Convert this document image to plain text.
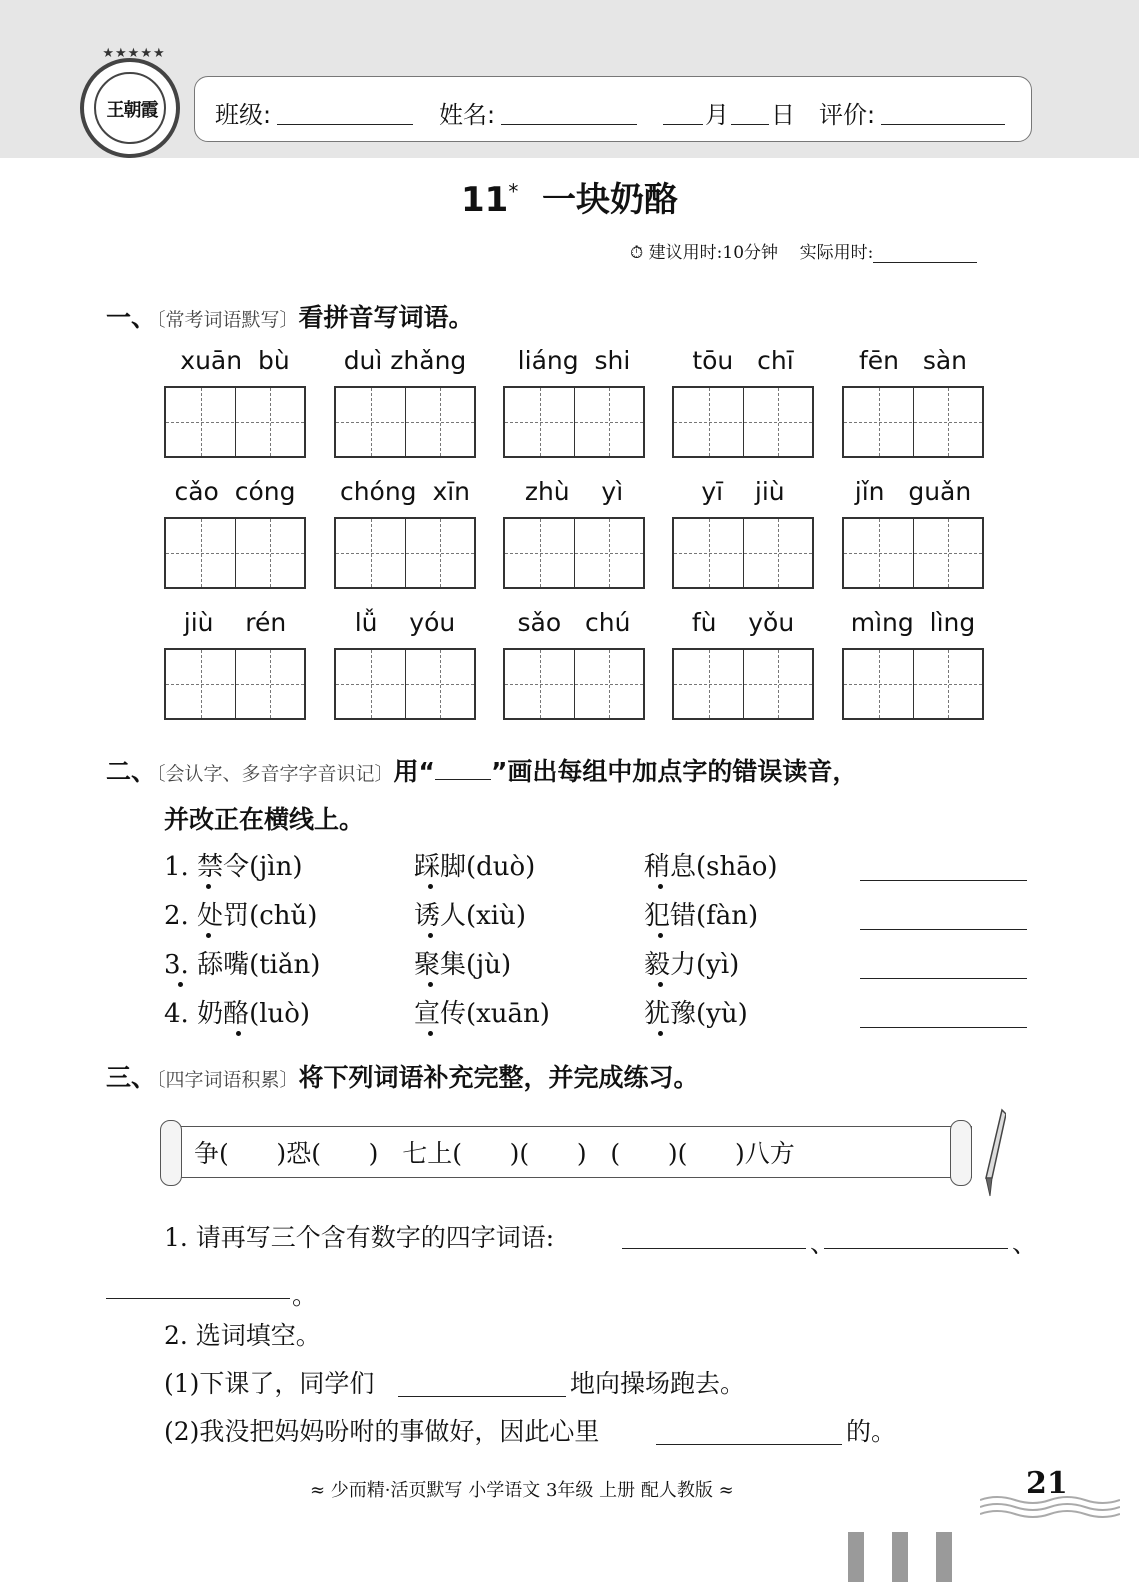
★★★★★
王朝霞	班级:	姓名:	月 日 评价:
11* 一块奶酪
⏱ 建议用时:10分钟 实际用时:
一、〔常考词语默写〕看拼音写词语。
xuān  bù	duì zhǎng	liáng  shi	tōu   chī	fēn   sàn
cǎo  cóng	chóng  xīn	zhù    yì	yī    jiù	jǐn   guǎn
jiù    rén	lǚ    yóu	sǎo   chú	fù    yǒu	mìng  lìng
二、〔会认字、多音字字音识记〕用“ ”画出每组中加点字的错误读音，
并改正在横线上。
1. 禁令(jìn)	踩脚(duò)	稍息(shāo)
2. 处罚(chǔ)	诱人(xiù)	犯错(fàn)
3. 舔嘴(tiǎn)	聚集(jù)	毅力(yì)
4. 奶酪(luò)	宣传(xuān)	犹豫(yù)
三、〔四字词语积累〕将下列词语补充完整，并完成练习。
争(      )恐(      )   七上(      )(      )   (      )(      )八方
1. 请再写三个含有数字的四字词语:	、	、
。
2. 选词填空。
(1)下课了，同学们	地向操场跑去。
(2)我没把妈妈吩咐的事做好，因此心里	的。
≈ 少而精·活页默写 小学语文 3年级 上册 配人教版 ≈	21
